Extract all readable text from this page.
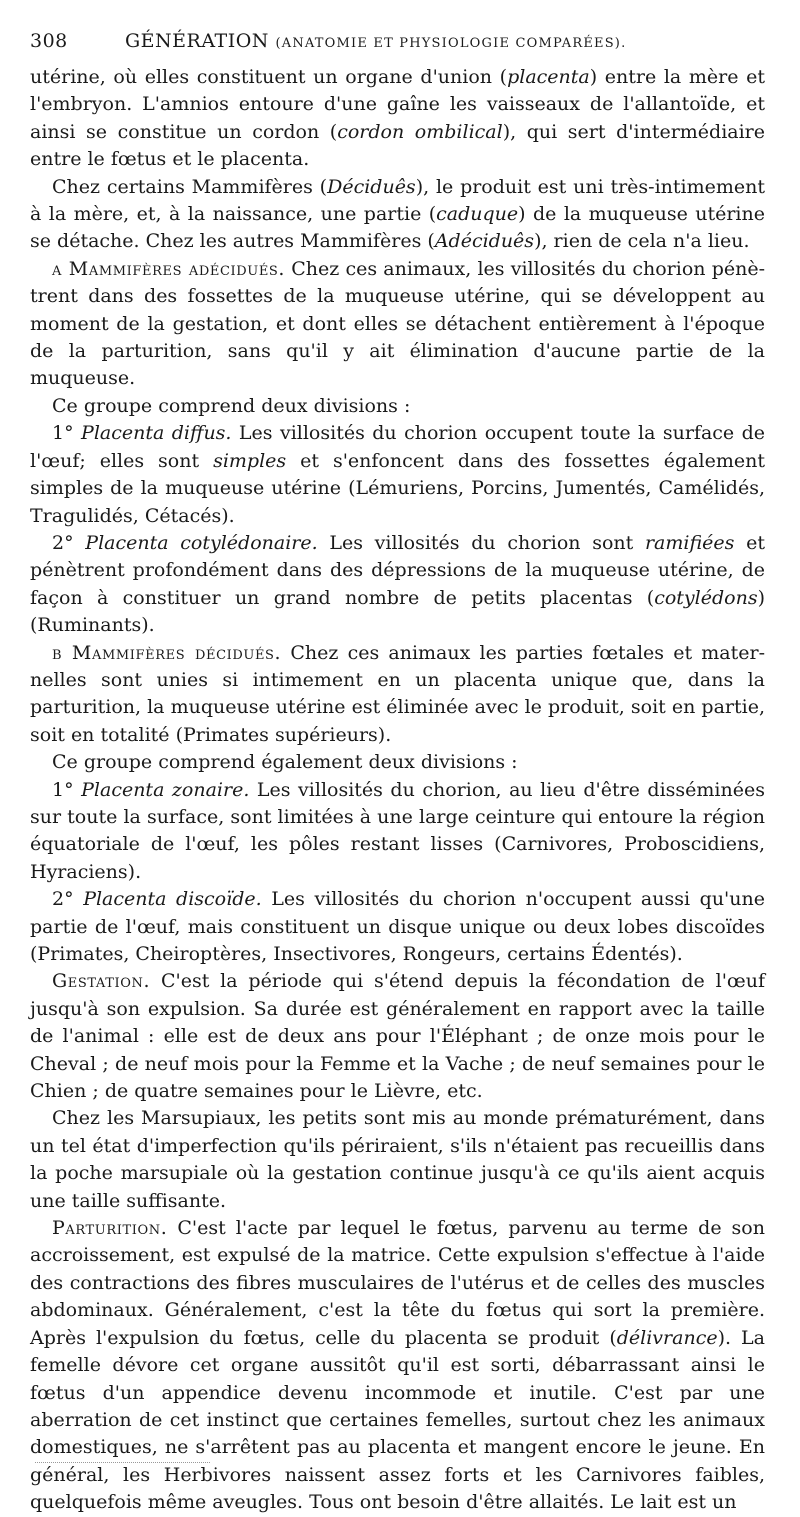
308	GÉNÉRATION (ANATOMIE ET PHYSIOLOGIE COMPARÉES).

utérine, où elles constituent un organe d'union (placenta) entre la mère et l'embryon. L'amnios entoure d'une gaîne les vaisseaux de l'allantoïde, et ainsi se constitue un cordon (cordon ombilical), qui sert d'intermédiaire entre le fœtus et le placenta.

Chez certains Mammifères (Déciduês), le produit est uni très-intimement à la mère, et, à la naissance, une partie (caduque) de la muqueuse utérine se détache. Chez les autres Mammifères (Adéciduês), rien de cela n'a lieu.

a Mammifères adécidués. Chez ces animaux, les villosités du chorion pénètrent dans des fossettes de la muqueuse utérine, qui se développent au moment de la gestation, et dont elles se détachent entièrement à l'époque de la parturition, sans qu'il y ait élimination d'aucune partie de la muqueuse.

Ce groupe comprend deux divisions :

1° Placenta diffus. Les villosités du chorion occupent toute la surface de l'œuf; elles sont simples et s'enfoncent dans des fossettes également simples de la muqueuse utérine (Lémuriens, Porcins, Jumentés, Camélidés, Tragulidés, Cétacés).

2° Placenta cotylédonaire. Les villosités du chorion sont ramifiées et pénètrent profondément dans des dépressions de la muqueuse utérine, de façon à constituer un grand nombre de petits placentas (cotylédons) (Ruminants).

b Mammifères décidués. Chez ces animaux les parties fœtales et maternelles sont unies si intimement en un placenta unique que, dans la parturition, la muqueuse utérine est éliminée avec le produit, soit en partie, soit en totalité (Primates supérieurs).

Ce groupe comprend également deux divisions :

1° Placenta zonaire. Les villosités du chorion, au lieu d'être disséminées sur toute la surface, sont limitées à une large ceinture qui entoure la région équatoriale de l'œuf, les pôles restant lisses (Carnivores, Proboscidiens, Hyraciens).

2° Placenta discoïde. Les villosités du chorion n'occupent aussi qu'une partie de l'œuf, mais constituent un disque unique ou deux lobes discoïdes (Primates, Cheiroptères, Insectivores, Rongeurs, certains Édentés).

Gestation. C'est la période qui s'étend depuis la fécondation de l'œuf jusqu'à son expulsion. Sa durée est généralement en rapport avec la taille de l'animal : elle est de deux ans pour l'Éléphant ; de onze mois pour le Cheval ; de neuf mois pour la Femme et la Vache ; de neuf semaines pour le Chien ; de quatre semaines pour le Lièvre, etc.

Chez les Marsupiaux, les petits sont mis au monde prématurément, dans un tel état d'imperfection qu'ils périraient, s'ils n'étaient pas recueillis dans la poche marsupiale où la gestation continue jusqu'à ce qu'ils aient acquis une taille suffisante.

Parturition. C'est l'acte par lequel le fœtus, parvenu au terme de son accroissement, est expulsé de la matrice. Cette expulsion s'effectue à l'aide des contractions des fibres musculaires de l'utérus et de celles des muscles abdominaux. Généralement, c'est la tête du fœtus qui sort la première. Après l'expulsion du fœtus, celle du placenta se produit (délivrance). La femelle dévore cet organe aussitôt qu'il est sorti, débarrassant ainsi le fœtus d'un appendice devenu incommode et inutile. C'est par une aberration de cet instinct que certaines femelles, surtout chez les animaux domestiques, ne s'arrêtent pas au placenta et mangent encore le jeune. En général, les Herbivores naissent assez forts et les Carnivores faibles, quelquefois même aveugles. Tous ont besoin d'être allaités. Le lait est un
